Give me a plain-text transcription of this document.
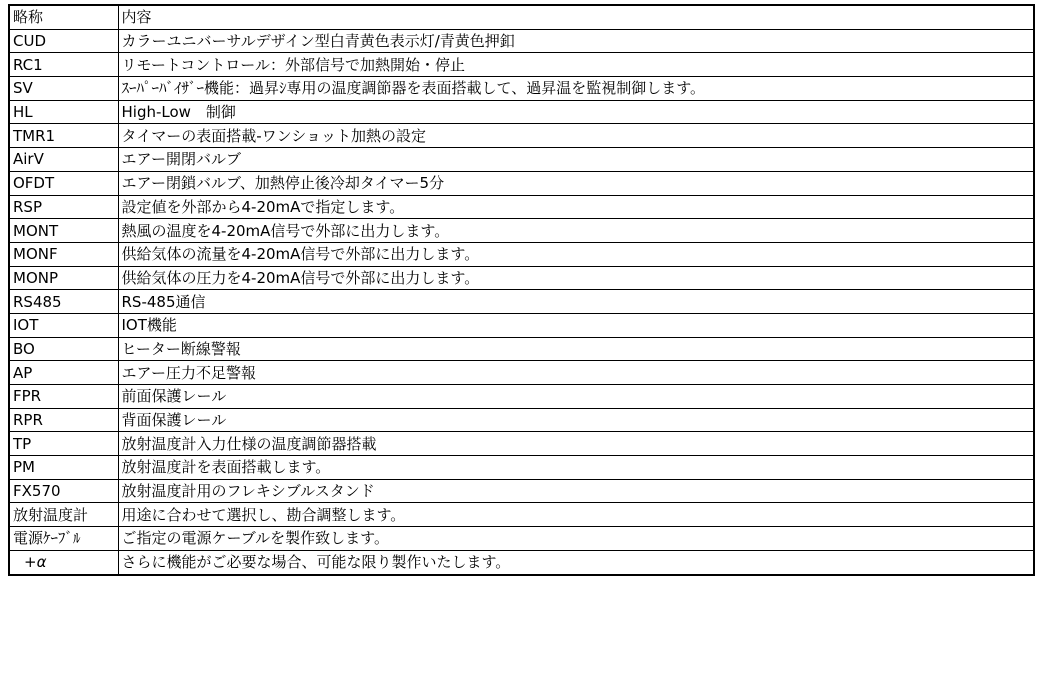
略称	内容
CUD	カラーユニバーサルデザイン型白青黄色表示灯/青黄色押釦
RC1	リモートコントロール：外部信号で加熱開始・停止
SV	ｽｰﾊﾟｰﾊﾞｲｻﾞｰ機能：過昇ｼ専用の温度調節器を表面搭載して、過昇温を監視制御します。
HL	High-Low　制御
TMR1	タイマーの表面搭載-ワンショット加熱の設定
AirV	エアー開閉バルブ
OFDT	エアー閉鎖バルブ、加熱停止後冷却タイマー5分
RSP	設定値を外部から4-20mAで指定します。
MONT	熱風の温度を4-20mA信号で外部に出力します。
MONF	供給気体の流量を4-20mA信号で外部に出力します。
MONP	供給気体の圧力を4-20mA信号で外部に出力します。
RS485	RS-485通信
IOT	IOT機能
BO	ヒーター断線警報
AP	エアー圧力不足警報
FPR	前面保護レール
RPR	背面保護レール
TP	放射温度計入力仕様の温度調節器搭載
PM	放射温度計を表面搭載します。
FX570	放射温度計用のフレキシブルスタンド
放射温度計	用途に合わせて選択し、勘合調整します。
電源ｹｰﾌﾞﾙ	ご指定の電源ケーブルを製作致します。
+α	さらに機能がご必要な場合、可能な限り製作いたします。
